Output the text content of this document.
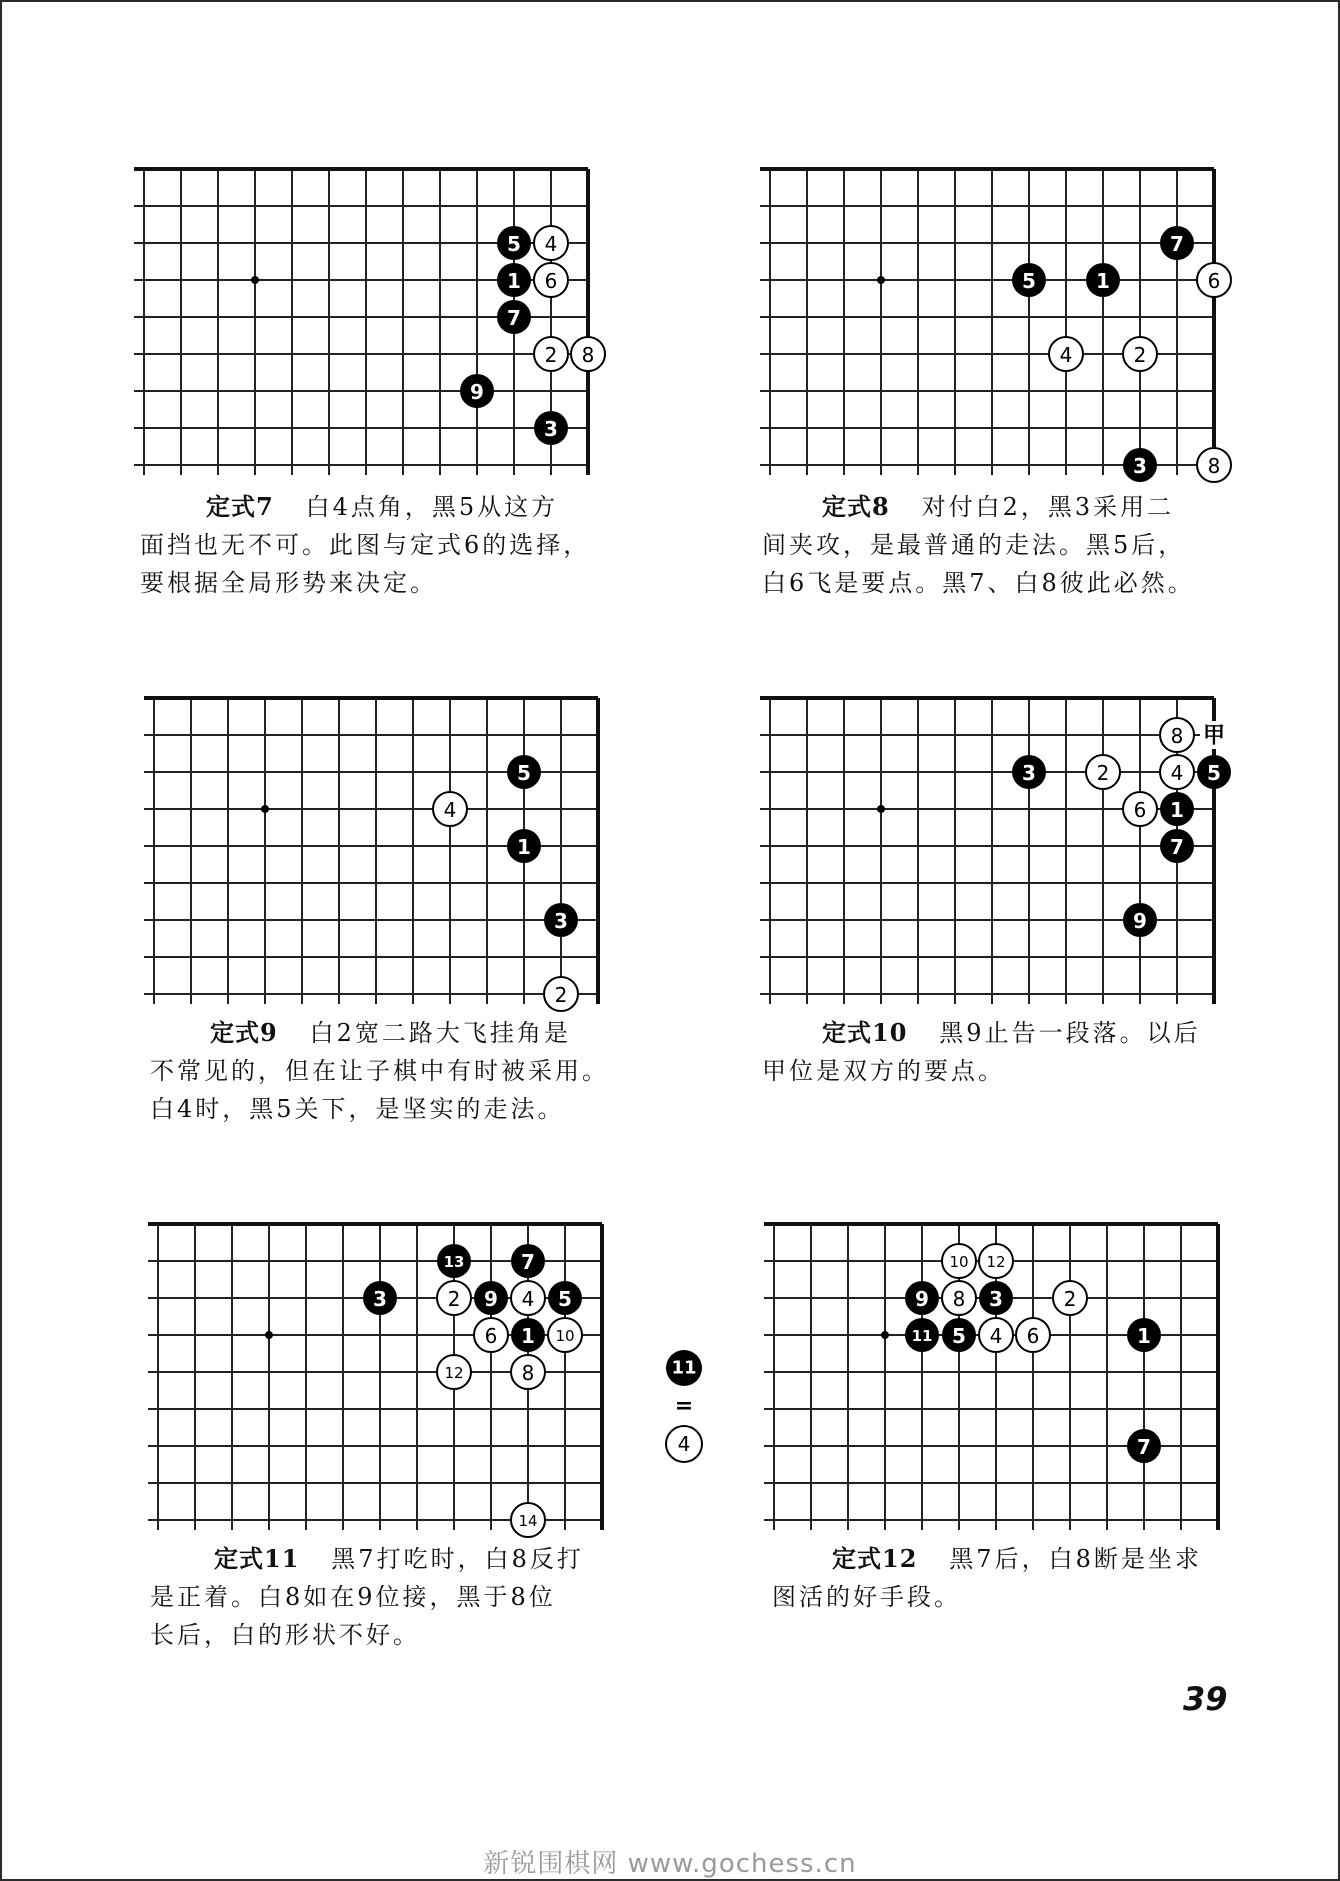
5 4
1 6
7
2 8
9
3

定式7 白4点角，黑5从这方
面挡也无不可。此图与定式6的选择，
要根据全局形势来决定。

7
5	1	6
4	2
3	8

定式8 对付白2，黑3采用二
间夹攻，是最普通的走法。黑5后，
白6飞是要点。黑7、白8彼此必然。

5
4
1
3
2

定式9 白2宽二路大飞挂角是
不常见的，但在让子棋中有时被采用。
白4时，黑5关下，是坚实的走法。

8
3	2	4 5
6 1
7
9
甲

定式10 黑9止告一段落。以后
甲位是双方的要点。

13	7
3	2 9 4 5
6 1 10
12	8
14
11
=
4

定式11 黑7打吃时，白8反打
是正着。白8如在9位接，黑于8位
长后，白的形状不好。

10 12
9 8 3	2
11 5 4 6	1
7

定式12 黑7后，白8断是坐求
图活的好手段。

39
新锐围棋网 www.gochess.cn
